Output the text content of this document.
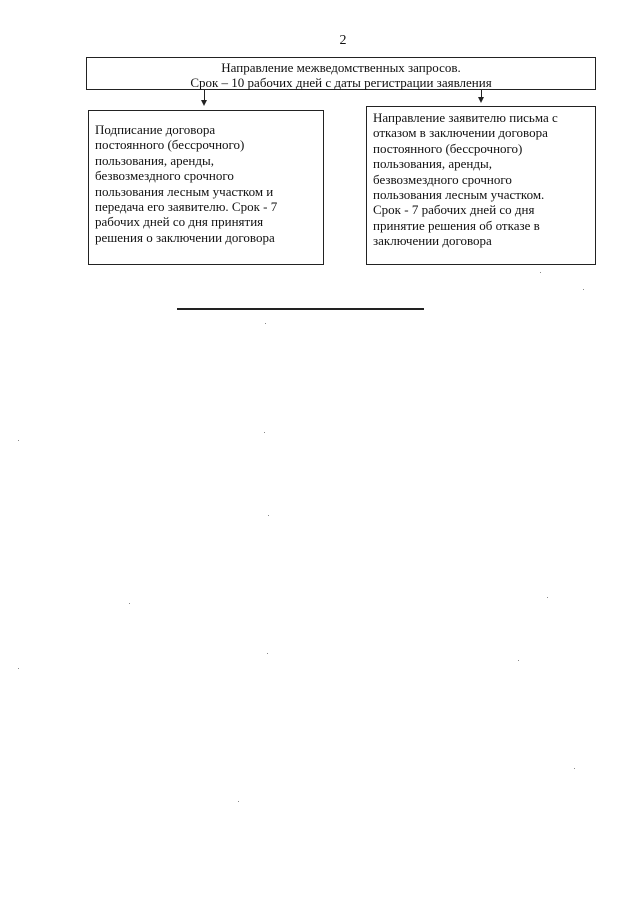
2
Направление межведомственных запросов.
Срок – 10 рабочих дней с даты регистрации заявления
Подписание договора
постоянного (бессрочного)
пользования, аренды,
безвозмездного срочного
пользования лесным участком и
передача его заявителю. Срок - 7
рабочих дней со дня принятия
решения о заключении договора
Направление заявителю письма с
отказом в заключении договора
постоянного (бессрочного)
пользования, аренды,
безвозмездного срочного
пользования лесным участком.
Срок - 7 рабочих дней со дня
принятие решения об отказе в
заключении договора
